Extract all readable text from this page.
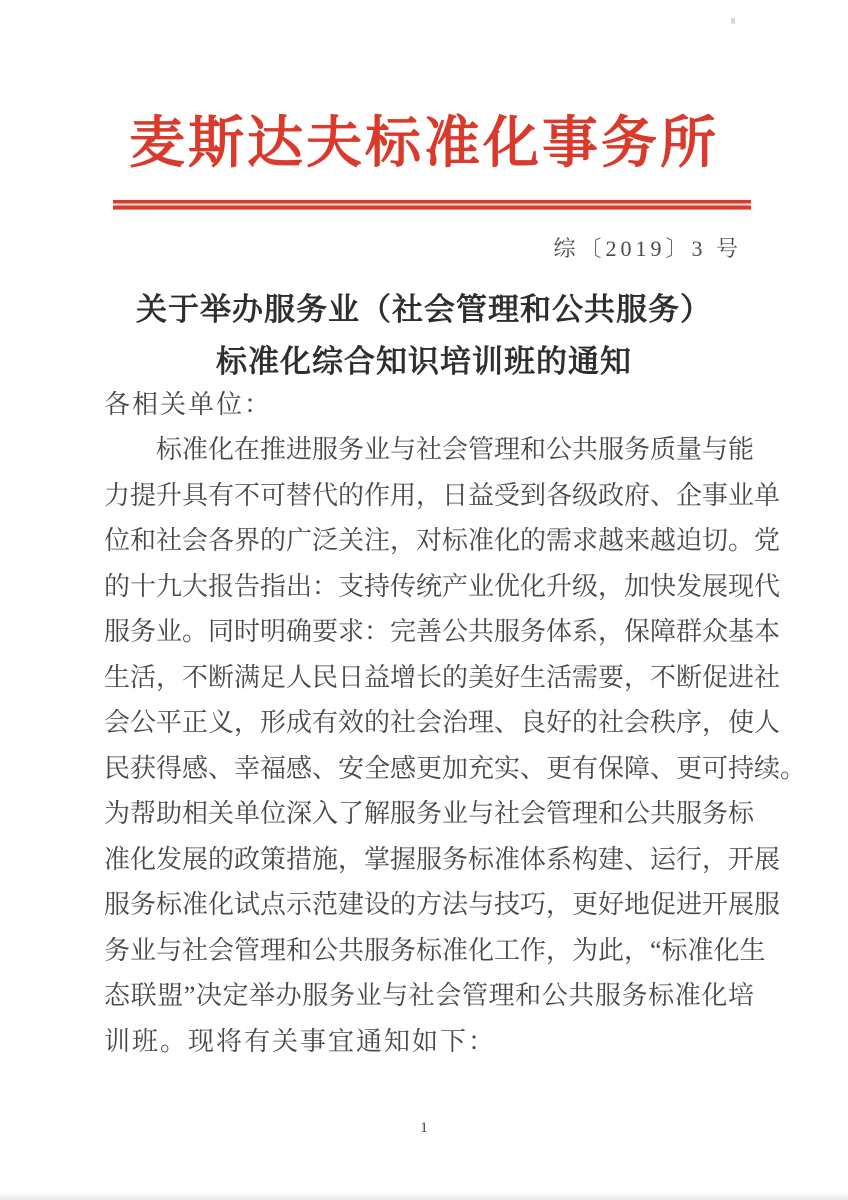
麦斯达夫标准化事务所
综〔2019〕3 号
关于举办服务业（社会管理和公共服务）
标准化综合知识培训班的通知
各相关单位：
标准化在推进服务业与社会管理和公共服务质量与能
力提升具有不可替代的作用，日益受到各级政府、企事业单
位和社会各界的广泛关注，对标准化的需求越来越迫切。党
的十九大报告指出：支持传统产业优化升级，加快发展现代
服务业。同时明确要求：完善公共服务体系，保障群众基本
生活，不断满足人民日益增长的美好生活需要，不断促进社
会公平正义，形成有效的社会治理、良好的社会秩序，使人
民获得感、幸福感、安全感更加充实、更有保障、更可持续。
为帮助相关单位深入了解服务业与社会管理和公共服务标
准化发展的政策措施，掌握服务标准体系构建、运行，开展
服务标准化试点示范建设的方法与技巧，更好地促进开展服
务业与社会管理和公共服务标准化工作，为此，“标准化生
态联盟”决定举办服务业与社会管理和公共服务标准化培
训班。现将有关事宜通知如下：
1
